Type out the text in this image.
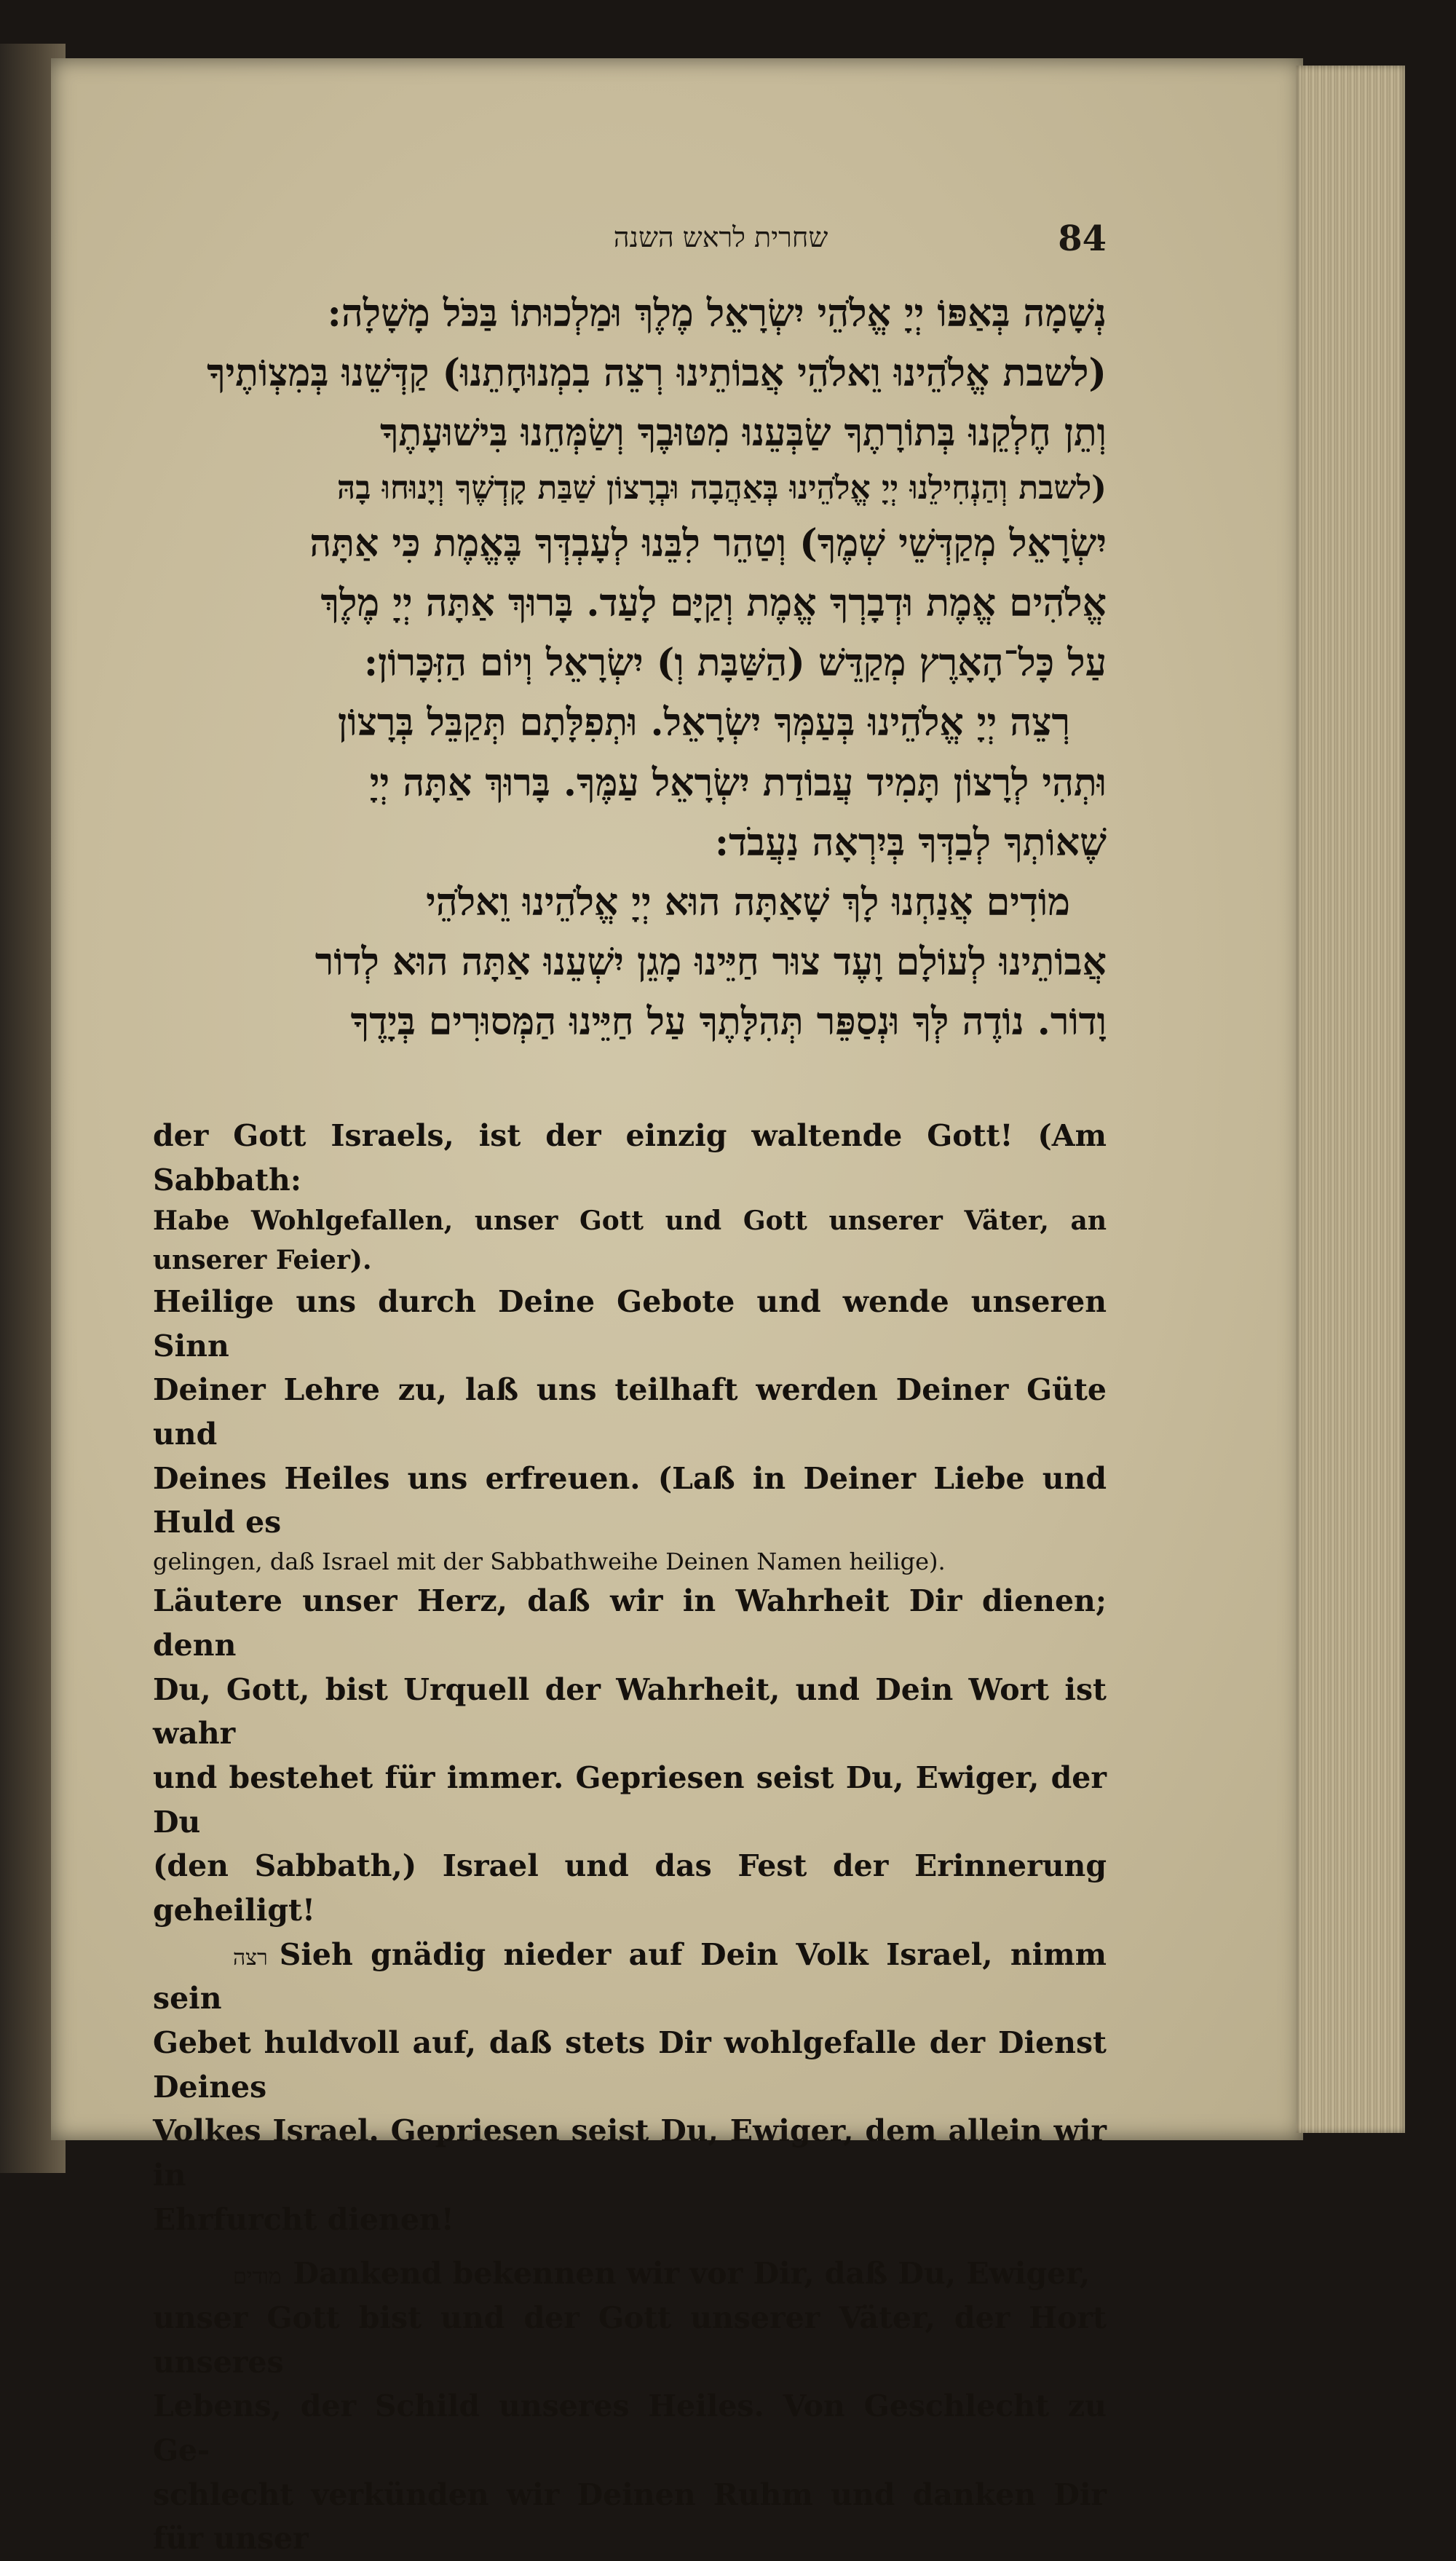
שחרית לראש השנה	84

נְשָׁמָה בְּאַפּוֹ יְיָ אֱלֹהֵי יִשְׂרָאֵל מֶלֶךְ וּמַלְכוּתוֹ בַּכֹּל מָשָׁלָה:

(לשבת אֱלֹהֵינוּ וֵאלֹהֵי אֲבוֹתֵינוּ רְצֵה בִמְנוּחָתֵנוּ) קַדְּשֵׁנוּ בְּמִצְוֹתֶיךָ

וְתֵן חֶלְקֵנוּ בְּתוֹרָתֶךָ שַׂבְּעֵנוּ מִטּוּבֶךָ וְשַׂמְּחֵנוּ בִּישׁוּעָתֶךָ

(לשבת וְהַנְחִילֵנוּ יְיָ אֱלֹהֵינוּ בְּאַהֲבָה וּבְרָצוֹן שַׁבַּת קָדְשֶׁךָ וְיָנוּחוּ בָהּ

יִשְׂרָאֵל מְקַדְּשֵׁי שְׁמֶךָ) וְטַהֵר לִבֵּנוּ לְעָבְדְּךָ בֶּאֱמֶת כִּי אַתָּה

אֱלֹהִים אֱמֶת וּדְבָרְךָ אֱמֶת וְקַיָּם לָעַד. בָּרוּךְ אַתָּה יְיָ מֶלֶךְ

עַל כָּל־הָאָרֶץ מְקַדֵּשׁ (הַשַּׁבָּת וְ) יִשְׂרָאֵל וְיוֹם הַזִּכָּרוֹן:

רְצֵה יְיָ אֱלֹהֵינוּ בְּעַמְּךָ יִשְׂרָאֵל. וּתְפִלָּתָם תְּקַבֵּל בְּרָצוֹן

וּתְהִי לְרָצוֹן תָּמִיד עֲבוֹדַת יִשְׂרָאֵל עַמֶּךָ. בָּרוּךְ אַתָּה יְיָ

שֶׁאוֹתְךָ לְבַדְּךָ בְּיִרְאָה נַעֲבֹד:

מוֹדִים אֲנַחְנוּ לָךְ שָׁאַתָּה הוּא יְיָ אֱלֹהֵינוּ וֵאלֹהֵי

אֲבוֹתֵינוּ לְעוֹלָם וָעֶד צוּר חַיֵּינוּ מָגֵן יִשְׁעֵנוּ אַתָּה הוּא לְדוֹר

וָדוֹר. נוֹדֶה לְּךָ וּנְסַפֵּר תְּהִלָּתֶךָ עַל חַיֵּינוּ הַמְּסוּרִים בְּיָדֶךָ

der Gott Israels, ist der einzig waltende Gott! (Am Sabbath:

Habe Wohlgefallen, unser Gott und Gott unserer Väter, an unserer Feier).

Heilige uns durch Deine Gebote und wende unseren Sinn

Deiner Lehre zu, laß uns teilhaft werden Deiner Güte und

Deines Heiles uns erfreuen. (Laß in Deiner Liebe und Huld es

gelingen, daß Israel mit der Sabbathweihe Deinen Namen heilige).

Läutere unser Herz, daß wir in Wahrheit Dir dienen; denn

Du, Gott, bist Urquell der Wahrheit, und Dein Wort ist wahr

und bestehet für immer. Gepriesen seist Du, Ewiger, der Du

(den Sabbath,) Israel und das Fest der Erinnerung geheiligt!

רצה Sieh gnädig nieder auf Dein Volk Israel, nimm sein

Gebet huldvoll auf, daß stets Dir wohlgefalle der Dienst Deines

Volkes Israel. Gepriesen seist Du, Ewiger, dem allein wir in

Ehrfurcht dienen!

מודים Dankend bekennen wir vor Dir, daß Du, Ewiger,

unser Gott bist und der Gott unserer Väter, der Hort unseres

Lebens, der Schild unseres Heiles. Von Geschlecht zu Ge-

schlecht verkünden wir Deinen Ruhm und danken Dir für unser
